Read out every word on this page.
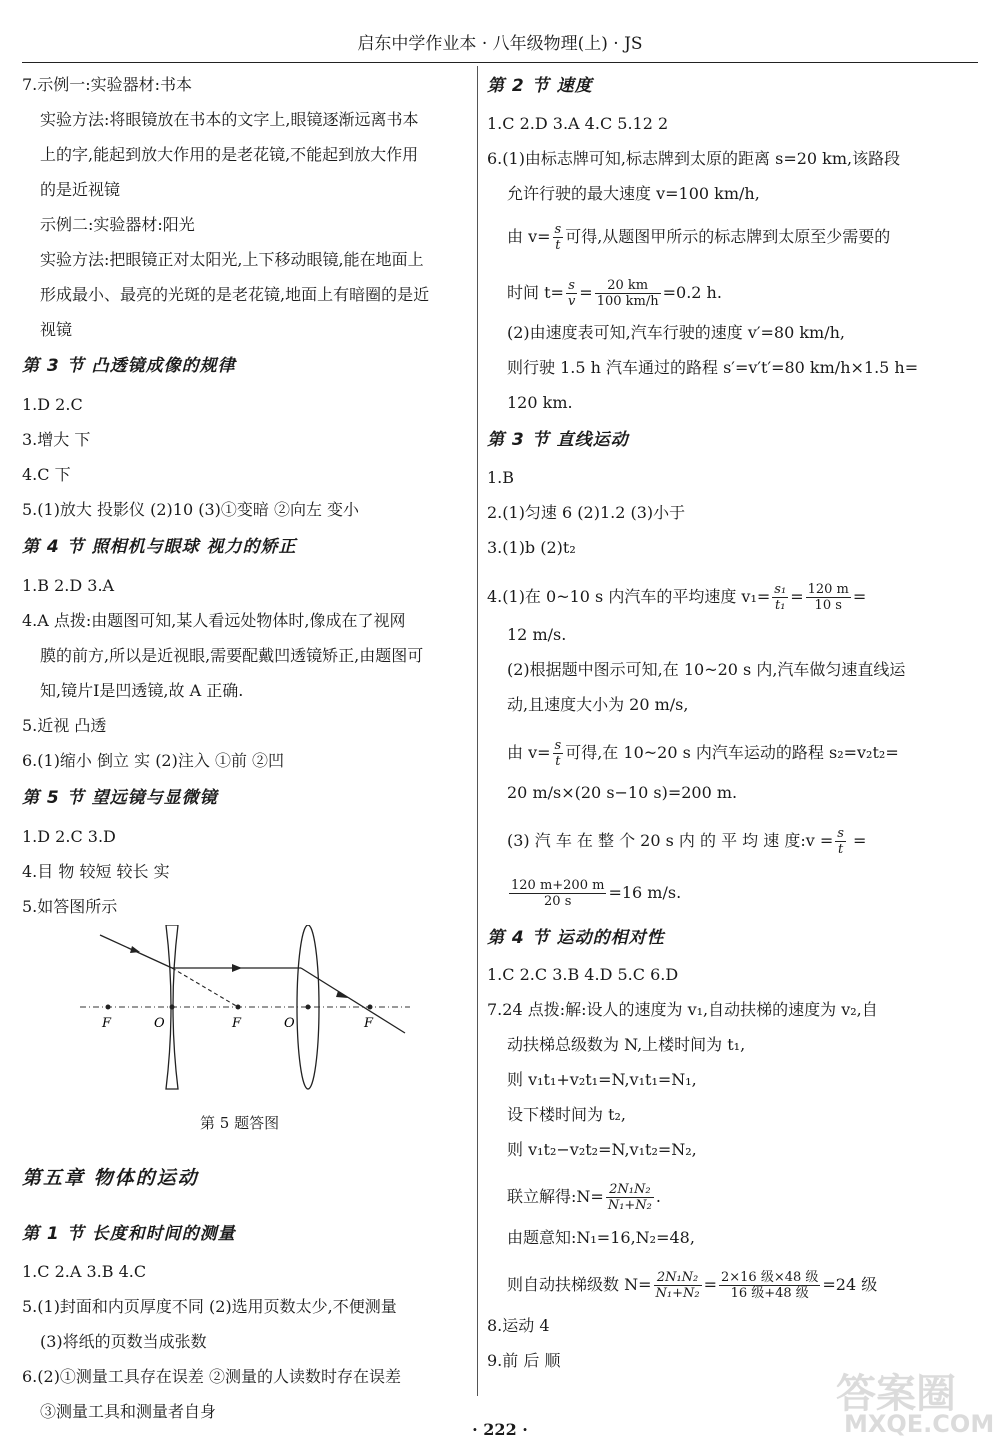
启东中学作业本 · 八年级物理(上) · JS
7.示例一:实验器材:书本
实验方法:将眼镜放在书本的文字上,眼镜逐渐远离书本
上的字,能起到放大作用的是老花镜,不能起到放大作用
的是近视镜
示例二:实验器材:阳光
实验方法:把眼镜正对太阳光,上下移动眼镜,能在地面上
形成最小、最亮的光斑的是老花镜,地面上有暗圈的是近
视镜
第 3 节 凸透镜成像的规律
1.D 2.C
3.增大 下
4.C 下
5.(1)放大 投影仪 (2)10 (3)①变暗 ②向左 变小
第 4 节 照相机与眼球 视力的矫正
1.B 2.D 3.A
4.A 点拨:由题图可知,某人看远处物体时,像成在了视网
膜的前方,所以是近视眼,需要配戴凹透镜矫正,由题图可
知,镜片Ⅰ是凹透镜,故 A 正确.
5.近视 凸透
6.(1)缩小 倒立 实 (2)注入 ①前 ②凹
第 5 节 望远镜与显微镜
1.D 2.C 3.D
4.目 物 较短 较长 实
5.如答图所示
F	O	F	O	F
第 5 题答图
第五章 物体的运动
第 1 节 长度和时间的测量
1.C 2.A 3.B 4.C
5.(1)封面和内页厚度不同 (2)选用页数太少,不便测量
(3)将纸的页数当成张数
6.(2)①测量工具存在误差 ②测量的人读数时存在误差
③测量工具和测量者自身
第 2 节 速度
1.C 2.D 3.A 4.C 5.12 2
6.(1)由标志牌可知,标志牌到太原的距离 s=20 km,该路段
允许行驶的最大速度 v=100 km/h,
由 $v= \frac{s}{t}$ 可得,从题图甲所示的标志牌到太原至少需要的
时间 $t= \frac{s}{v} = \frac{20 km}{100 km/h} =0.2$ h.
(2)由速度表可知,汽车行驶的速度 v′=80 km/h,
则行驶 1.5 h 汽车通过的路程 s′=v′t′=80 km/h×1.5 h=
120 km.
第 3 节 直线运动
1.B
2.(1)匀速 6 (2)1.2 (3)小于
3.(1)b (2)t₂
4.(1)在 0~10 s 内汽车的平均速度 $v_1= \frac{\text{s₁}}{\text{t₁}} = \frac{120 m}{10 s}$ =
12 m/s.
(2)根据题中图示可知,在 10~20 s 内,汽车做匀速直线运
动,且速度大小为 20 m/s,
由 $v= \frac{s}{t}$ 可得,在 10~20 s 内汽车运动的路程 s₂=v₂t₂=
20 m/s×(20 s−10 s)=200 m.
(3) 汽 车 在 整 个 20 s 内 的 平 均 速 度:v = $\frac{s}{t}$ =
$\frac{120 m+200 m}{20 s} =16$ m/s.
第 4 节 运动的相对性
1.C 2.C 3.B 4.D 5.C 6.D
7.24 点拨:解:设人的速度为 v₁,自动扶梯的速度为 v₂,自
动扶梯总级数为 N,上楼时间为 t₁,
则 v₁t₁+v₂t₁=N,v₁t₁=N₁,
设下楼时间为 t₂,
则 v₁t₂−v₂t₂=N,v₁t₂=N₂,
联立解得:N= $\frac{\text{2N₁N₂}}{\text{N₁+N₂}}$ .
由题意知:N₁=16,N₂=48,
则自动扶梯级数 $N= \frac{\text{2N₁N₂}}{\text{N₁+N₂}} = \frac{\text{2×16 级×48 级}}{\text{16 级+48 级}} =24$ 级
8.运动 4
9.前 后 顺
· 222 ·
答案圈
MXQE.COM
